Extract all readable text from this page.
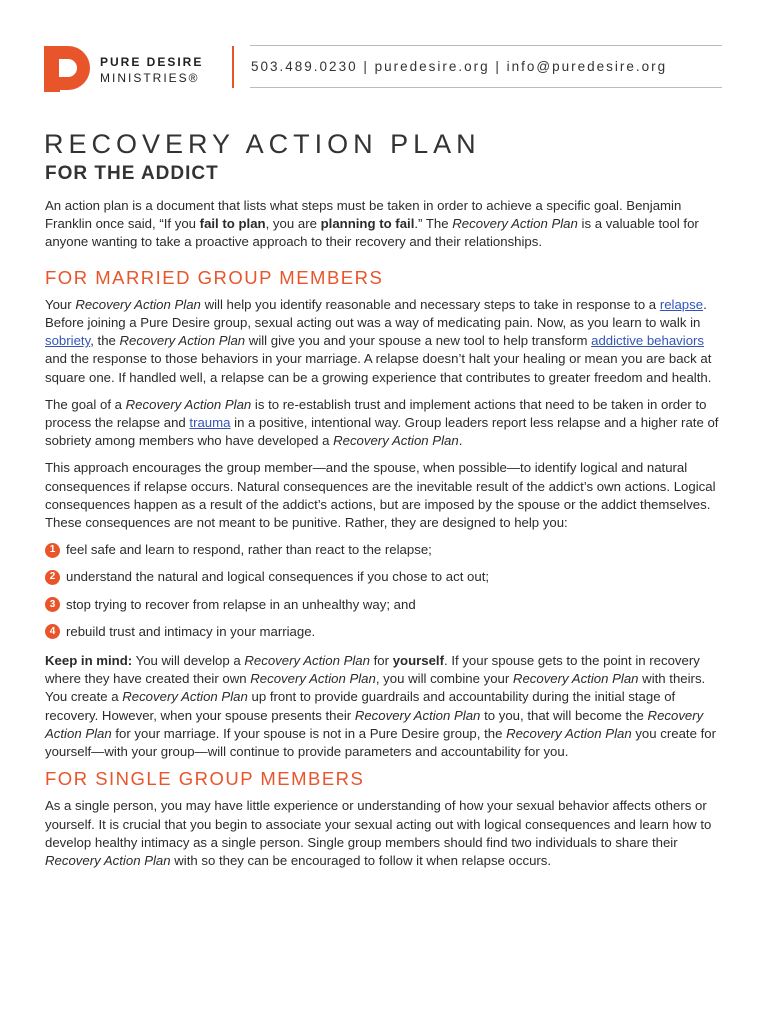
PURE DESIRE
MINISTRIES®
503.489.0230 | puredesire.org | info@puredesire.org
RECOVERY ACTION PLAN
FOR THE ADDICT

An action plan is a document that lists what steps must be taken in order to achieve a specific goal. Benjamin Franklin once said, “If you fail to plan, you are planning to fail.” The Recovery Action Plan is a valuable tool for anyone wanting to take a proactive approach to their recovery and their relationships.

FOR MARRIED GROUP MEMBERS

Your Recovery Action Plan will help you identify reasonable and necessary steps to take in response to a relapse. Before joining a Pure Desire group, sexual acting out was a way of medicating pain. Now, as you learn to walk in sobriety, the Recovery Action Plan will give you and your spouse a new tool to help transform addictive behaviors and the response to those behaviors in your marriage. A relapse doesn’t halt your healing or mean you are back at square one. If handled well, a relapse can be a growing experience that contributes to greater freedom and health.

The goal of a Recovery Action Plan is to re-establish trust and implement actions that need to be taken in order to process the relapse and trauma in a positive, intentional way. Group leaders report less relapse and a higher rate of sobriety among members who have developed a Recovery Action Plan.

This approach encourages the group member—and the spouse, when possible—to identify logical and natural consequences if relapse occurs. Natural consequences are the inevitable result of the addict’s own actions. Logical consequences happen as a result of the addict’s actions, but are imposed by the spouse or the addict themselves. These consequences are not meant to be punitive. Rather, they are designed to help you:

1 feel safe and learn to respond, rather than react to the relapse;
2 understand the natural and logical consequences if you chose to act out;
3 stop trying to recover from relapse in an unhealthy way; and
4 rebuild trust and intimacy in your marriage.

Keep in mind: You will develop a Recovery Action Plan for yourself. If your spouse gets to the point in recovery where they have created their own Recovery Action Plan, you will combine your Recovery Action Plan with theirs. You create a Recovery Action Plan up front to provide guardrails and accountability during the initial stage of recovery. However, when your spouse presents their Recovery Action Plan to you, that will become the Recovery Action Plan for your marriage. If your spouse is not in a Pure Desire group, the Recovery Action Plan you create for yourself—with your group—will continue to provide parameters and accountability for you.

FOR SINGLE GROUP MEMBERS

As a single person, you may have little experience or understanding of how your sexual behavior affects others or yourself. It is crucial that you begin to associate your sexual acting out with logical consequences and learn how to develop healthy intimacy as a single person. Single group members should find two individuals to share their Recovery Action Plan with so they can be encouraged to follow it when relapse occurs.
